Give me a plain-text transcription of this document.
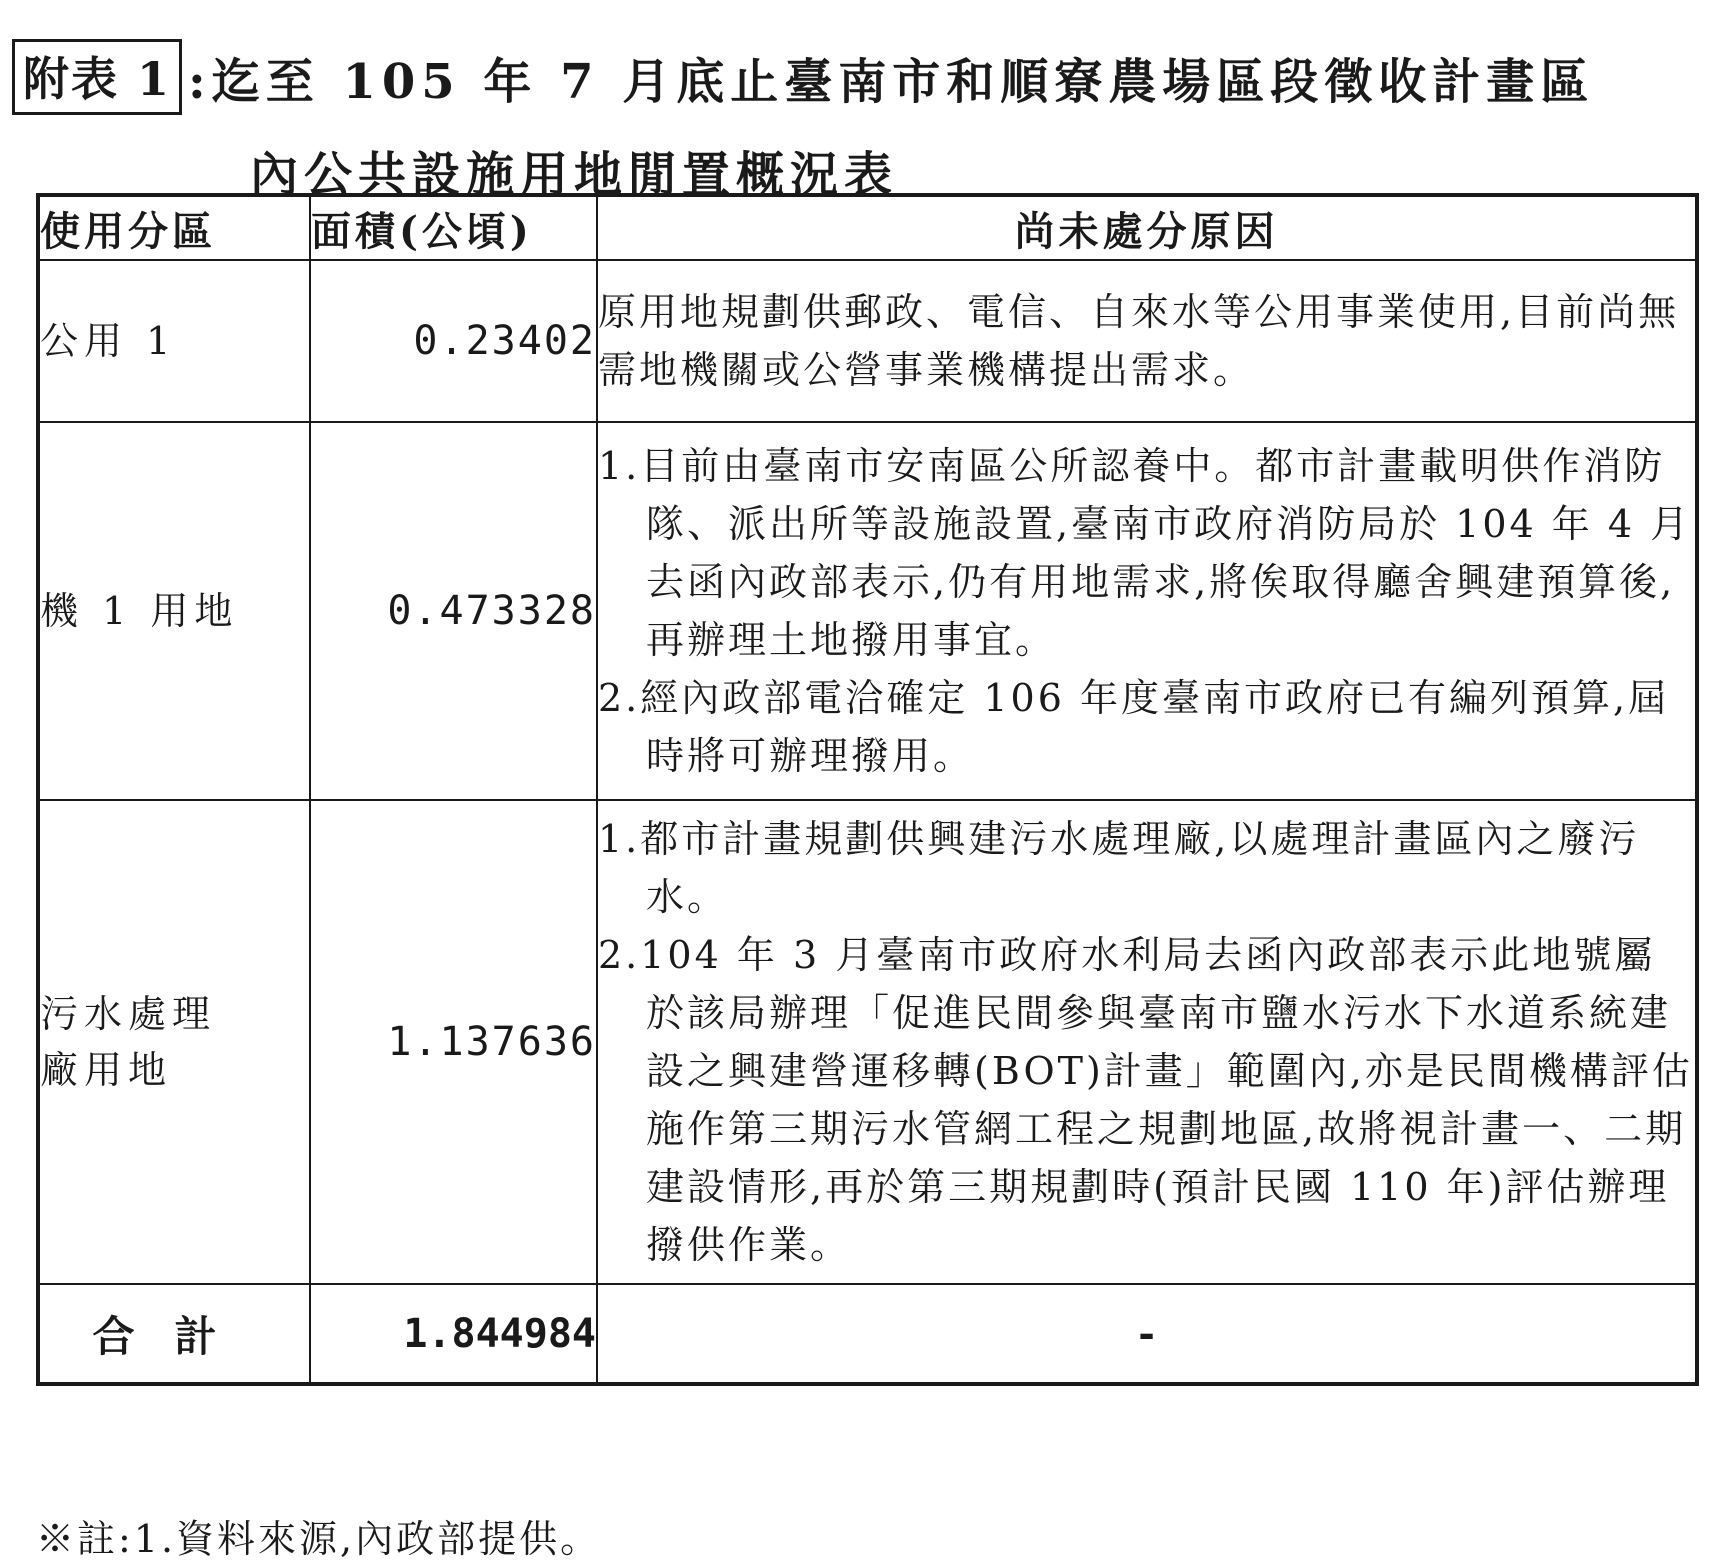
附表 1 :迄至 105 年 7 月底止臺南市和順寮農場區段徵收計畫區
內公共設施用地閒置概況表
使用分區	面積(公頃)	尚未處分原因
公用 1	0.23402	原用地規劃供郵政、電信、自來水等公用事業使用,目前尚無需地機關或公營事業機構提出需求。

機 1 用地	0.473328	1.目前由臺南市安南區公所認養中。都市計畫載明供作消防隊、派出所等設施設置,臺南市政府消防局於 104 年 4 月去函內政部表示,仍有用地需求,將俟取得廳舍興建預算後,再辦理土地撥用事宜。
2.經內政部電洽確定 106 年度臺南市政府已有編列預算,屆時將可辦理撥用。

污水處理廠用地	1.137636	1.都市計畫規劃供興建污水處理廠,以處理計畫區內之廢污水。
2.104 年 3 月臺南市政府水利局去函內政部表示此地號屬於該局辦理「促進民間參與臺南市鹽水污水下水道系統建設之興建營運移轉(BOT)計畫」範圍內,亦是民間機構評估施作第三期污水管網工程之規劃地區,故將視計畫一、二期建設情形,再於第三期規劃時(預計民國 110 年)評估辦理撥供作業。

合計	1.844984	-
※註:1.資料來源,內政部提供。
